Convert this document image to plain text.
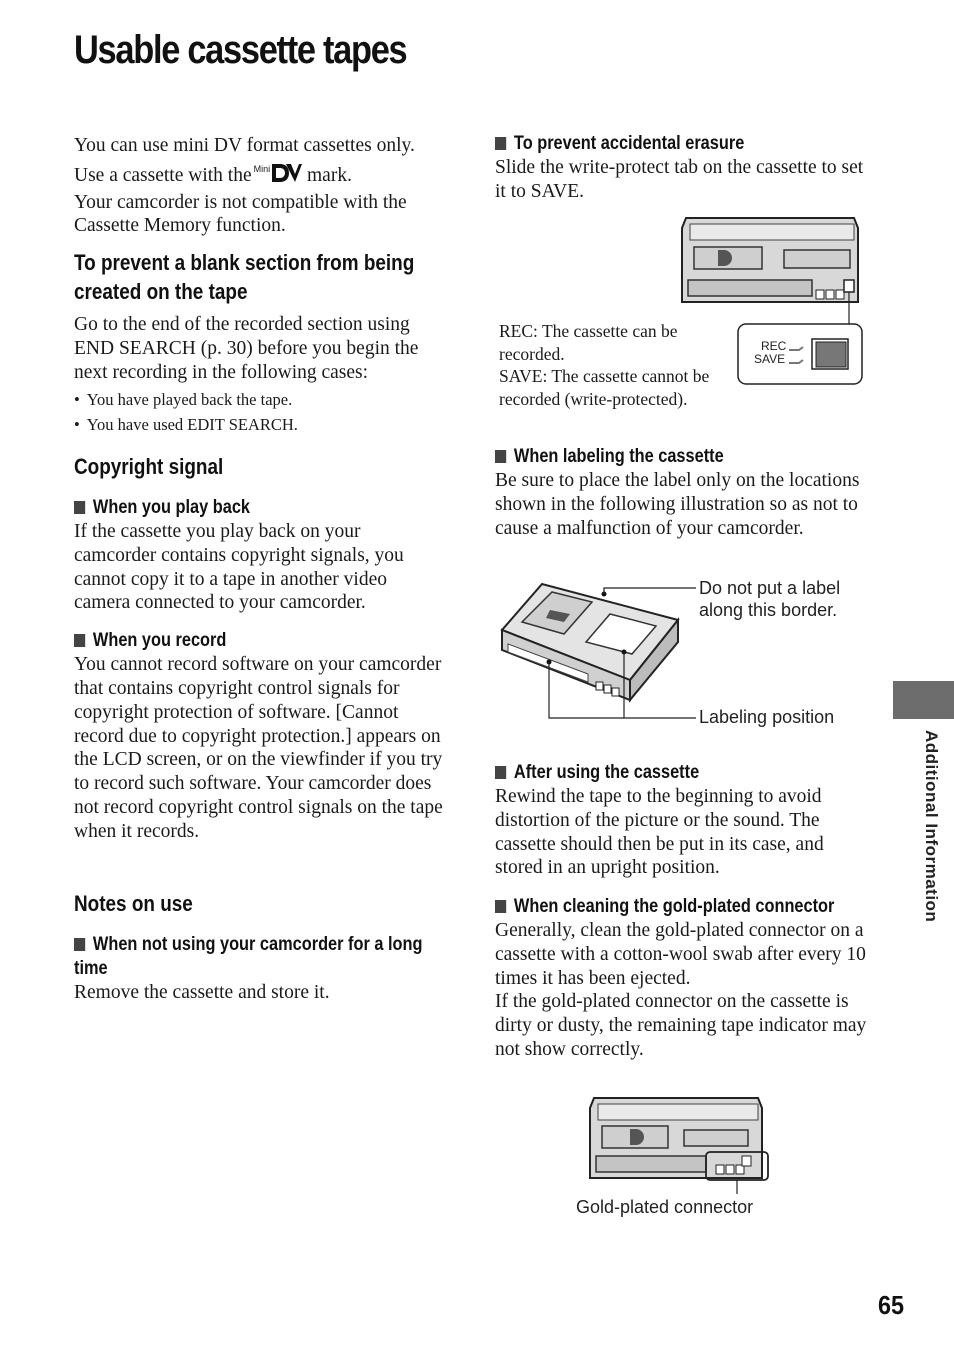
Usable cassette tapes

You can use mini DV format cassettes only.

Use a cassette with the $^{Mini}$ mark.

Your camcorder is not compatible with the Cassette Memory function.

To prevent a blank section from being created on the tape

Go to the end of the recorded section using END SEARCH (p. 30) before you begin the next recording in the following cases:

• You have played back the tape.
• You have used EDIT SEARCH.
Copyright signal
When you play back

If the cassette you play back on your camcorder contains copyright signals, you cannot copy it to a tape in another video camera connected to your camcorder.

When you record

You cannot record software on your camcorder that contains copyright control signals for copyright protection of software. [Cannot record due to copyright protection.] appears on the LCD screen, or on the viewfinder if you try to record such software. Your camcorder does not record copyright control signals on the tape when it records.

Notes on use
When not using your camcorder for a long time

Remove the cassette and store it.

To prevent accidental erasure

Slide the write-protect tab on the cassette to set it to SAVE.

REC
SAVE
REC: The cassette can be recorded.
SAVE: The cassette cannot be recorded (write-protected).
When labeling the cassette

Be sure to place the label only on the locations shown in the following illustration so as not to cause a malfunction of your camcorder.

Do not put a label along this border.
Labeling position
After using the cassette

Rewind the tape to the beginning to avoid distortion of the picture or the sound. The cassette should then be put in its case, and stored in an upright position.

When cleaning the gold-plated connector

Generally, clean the gold-plated connector on a cassette with a cotton-wool swab after every 10 times it has been ejected.

If the gold-plated connector on the cassette is dirty or dusty, the remaining tape indicator may not show correctly.

Gold-plated connector
Additional Information
65
